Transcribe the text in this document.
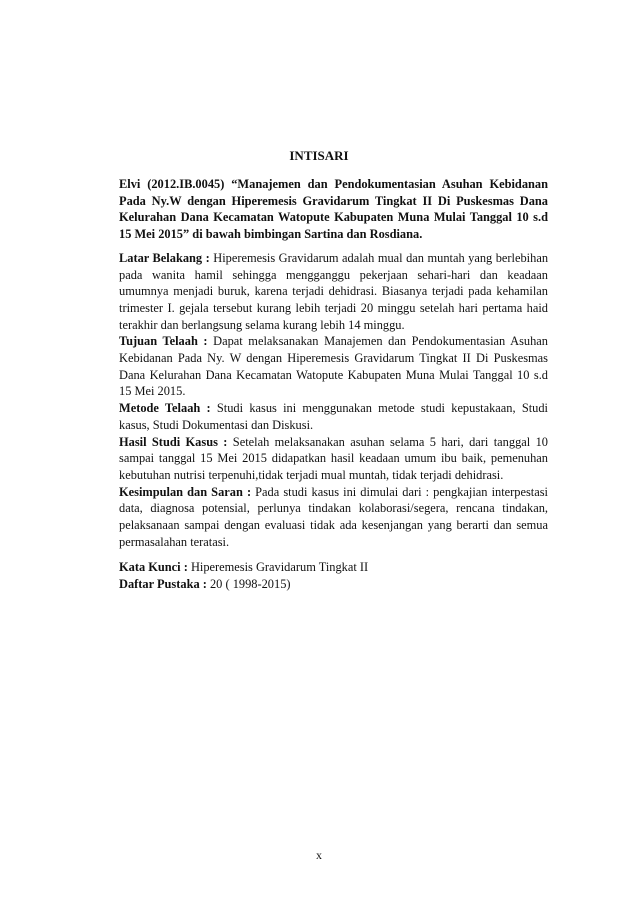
INTISARI

Elvi (2012.IB.0045) “Manajemen dan Pendokumentasian Asuhan Kebidanan Pada Ny.W dengan Hiperemesis Gravidarum Tingkat II Di Puskesmas Dana Kelurahan Dana Kecamatan Watopute Kabupaten Muna Mulai Tanggal 10 s.d 15 Mei 2015” di bawah bimbingan Sartina dan Rosdiana.

Latar Belakang : Hiperemesis Gravidarum adalah mual dan muntah yang berlebihan pada wanita hamil sehingga mengganggu pekerjaan sehari-hari dan keadaan umumnya menjadi buruk, karena terjadi dehidrasi. Biasanya terjadi pada kehamilan trimester I. gejala tersebut kurang lebih terjadi 20 minggu setelah hari pertama haid terakhir dan berlangsung selama kurang lebih 14 minggu.

Tujuan Telaah : Dapat melaksanakan Manajemen dan Pendokumentasian Asuhan Kebidanan Pada Ny. W dengan Hiperemesis Gravidarum Tingkat II Di Puskesmas Dana Kelurahan Dana Kecamatan Watopute Kabupaten Muna Mulai Tanggal 10 s.d 15 Mei 2015.

Metode Telaah : Studi kasus ini menggunakan metode studi kepustakaan, Studi kasus, Studi Dokumentasi dan Diskusi.

Hasil Studi Kasus : Setelah melaksanakan asuhan selama 5 hari, dari tanggal 10 sampai tanggal 15 Mei 2015 didapatkan hasil keadaan umum ibu baik, pemenuhan kebutuhan nutrisi terpenuhi,tidak terjadi mual muntah, tidak terjadi dehidrasi.

Kesimpulan dan Saran : Pada studi kasus ini dimulai dari : pengkajian interpestasi data, diagnosa potensial, perlunya tindakan kolaborasi/segera, rencana tindakan, pelaksanaan sampai dengan evaluasi tidak ada kesenjangan yang berarti dan semua permasalahan teratasi.

Kata Kunci : Hiperemesis Gravidarum Tingkat II

Daftar Pustaka : 20 ( 1998-2015)

x
